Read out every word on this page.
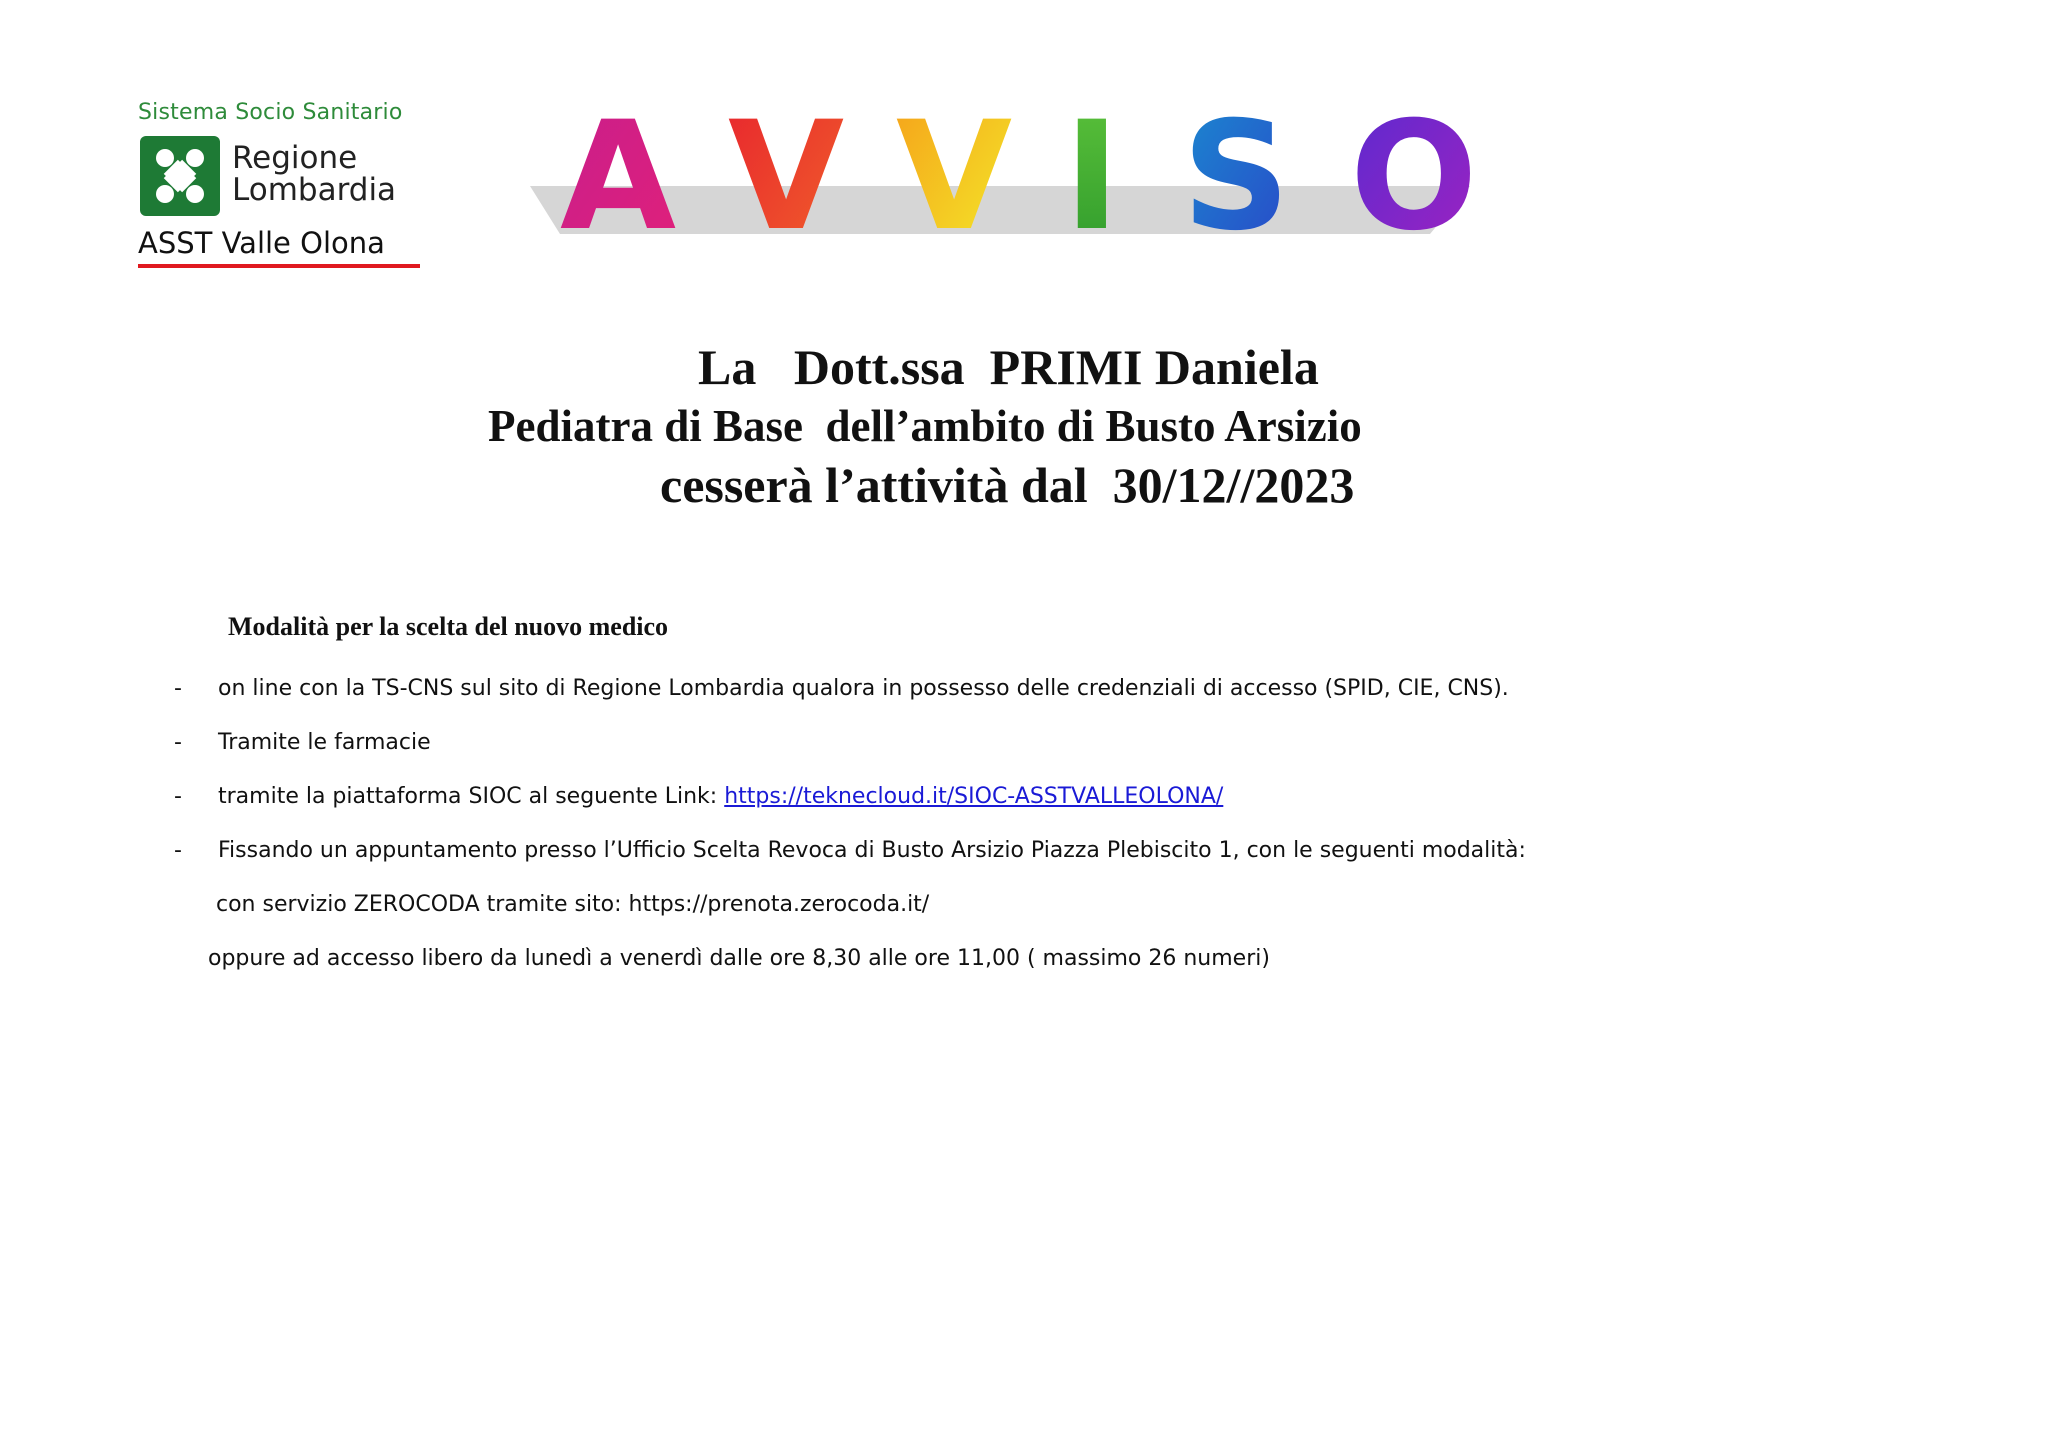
Sistema Socio Sanitario
Regione
Lombardia
ASST Valle Olona A V V I S O
La   Dott.ssa  PRIMI Daniela
Pediatra di Base  dell’ambito di Busto Arsizio
cesserà l’attività dal  30/12//2023
Modalità per la scelta del nuovo medico
- on line con la TS-CNS sul sito di Regione Lombardia qualora in possesso delle credenziali di accesso (SPID, CIE, CNS).
- Tramite le farmacie
- tramite la piattaforma SIOC al seguente Link: https://teknecloud.it/SIOC-ASSTVALLEOLONA/
- Fissando un appuntamento presso l’Ufficio Scelta Revoca di Busto Arsizio Piazza Plebiscito 1, con le seguenti modalità:
con servizio ZEROCODA tramite sito: https://prenota.zerocoda.it/
oppure ad accesso libero da lunedì a venerdì dalle ore 8,30 alle ore 11,00 ( massimo 26 numeri)
